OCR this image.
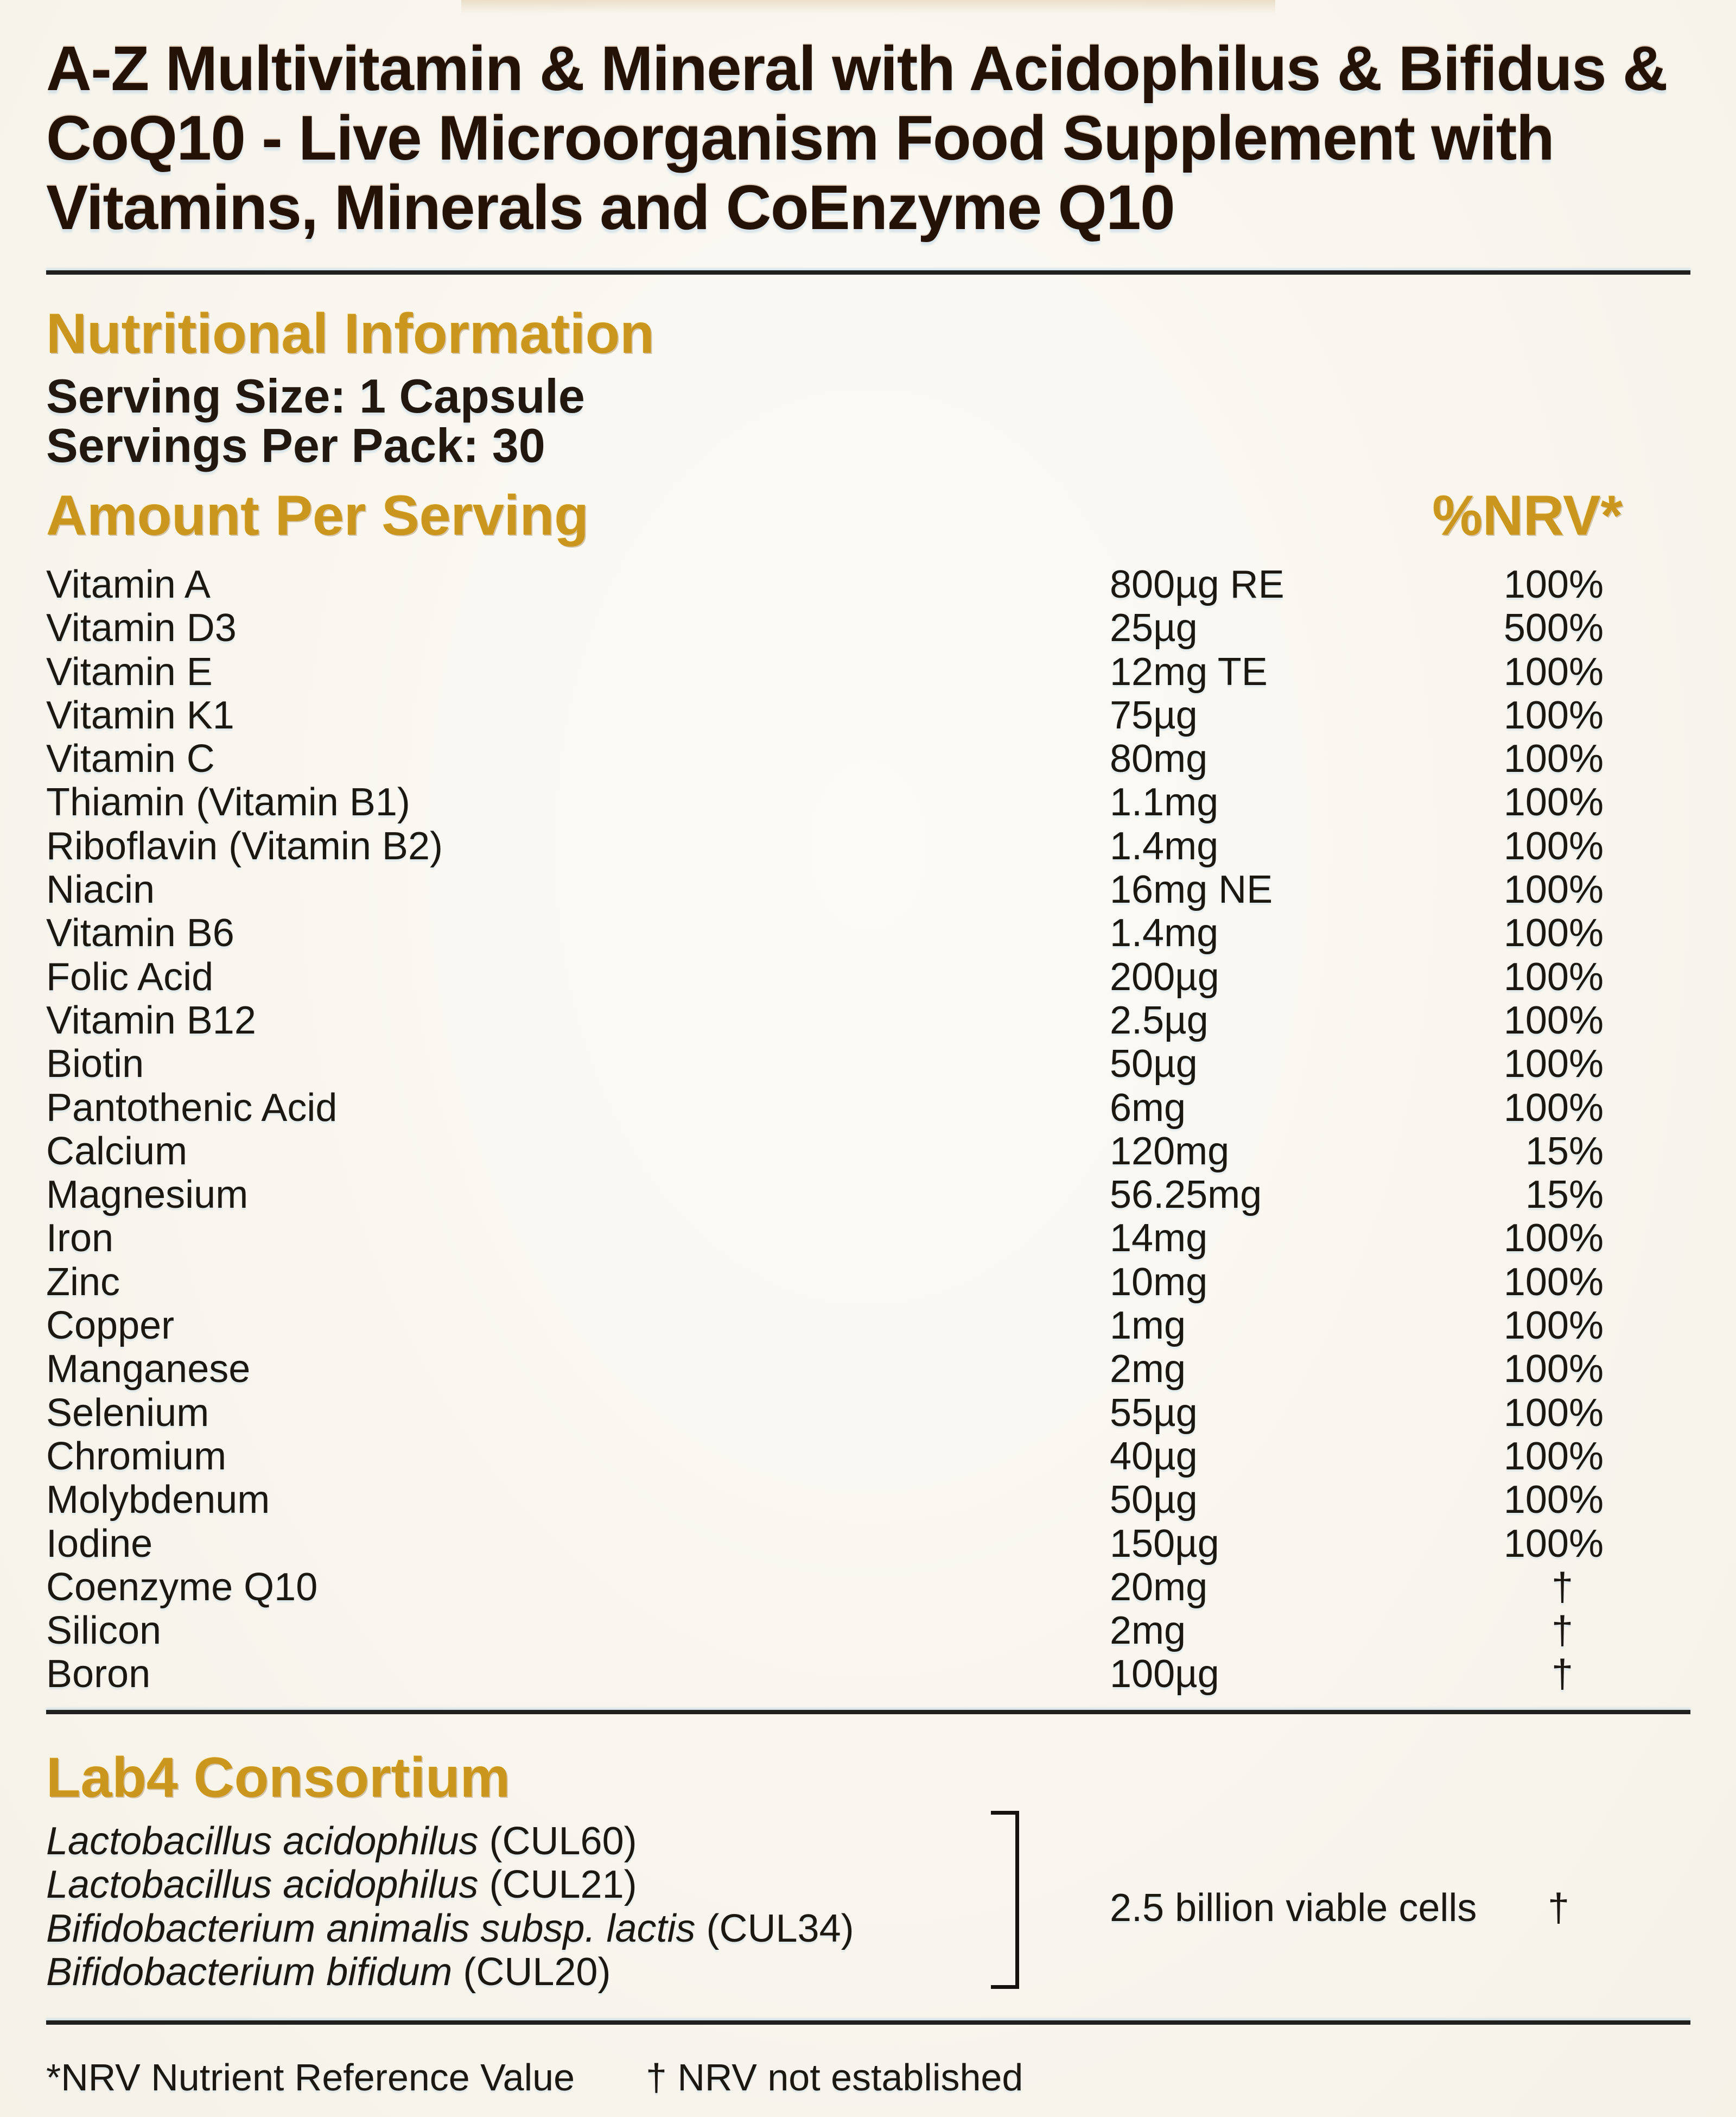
A-Z Multivitamin & Mineral with Acidophilus & Bifidus &
CoQ10 - Live Microorganism Food Supplement with
Vitamins, Minerals and CoEnzyme Q10
Nutritional Information
Serving Size: 1 Capsule
Servings Per Pack: 30
Amount Per Serving	%NRV*
Vitamin A	800µg RE	100%
Vitamin D3	25µg	500%
Vitamin E	12mg TE	100%
Vitamin K1	75µg	100%
Vitamin C	80mg	100%
Thiamin (Vitamin B1)	1.1mg	100%
Riboflavin (Vitamin B2)	1.4mg	100%
Niacin	16mg NE	100%
Vitamin B6	1.4mg	100%
Folic Acid	200µg	100%
Vitamin B12	2.5µg	100%
Biotin	50µg	100%
Pantothenic Acid	6mg	100%
Calcium	120mg	15%
Magnesium	56.25mg	15%
Iron	14mg	100%
Zinc	10mg	100%
Copper	1mg	100%
Manganese	2mg	100%
Selenium	55µg	100%
Chromium	40µg	100%
Molybdenum	50µg	100%
Iodine	150µg	100%
Coenzyme Q10	20mg	†
Silicon	2mg	†
Boron	100µg	†
Lab4 Consortium
Lactobacillus acidophilus (CUL60)
Lactobacillus acidophilus (CUL21)
Bifidobacterium animalis subsp. lactis (CUL34)
Bifidobacterium bifidum (CUL20)
2.5 billion viable cells †
*NRV Nutrient Reference Value † NRV not established
